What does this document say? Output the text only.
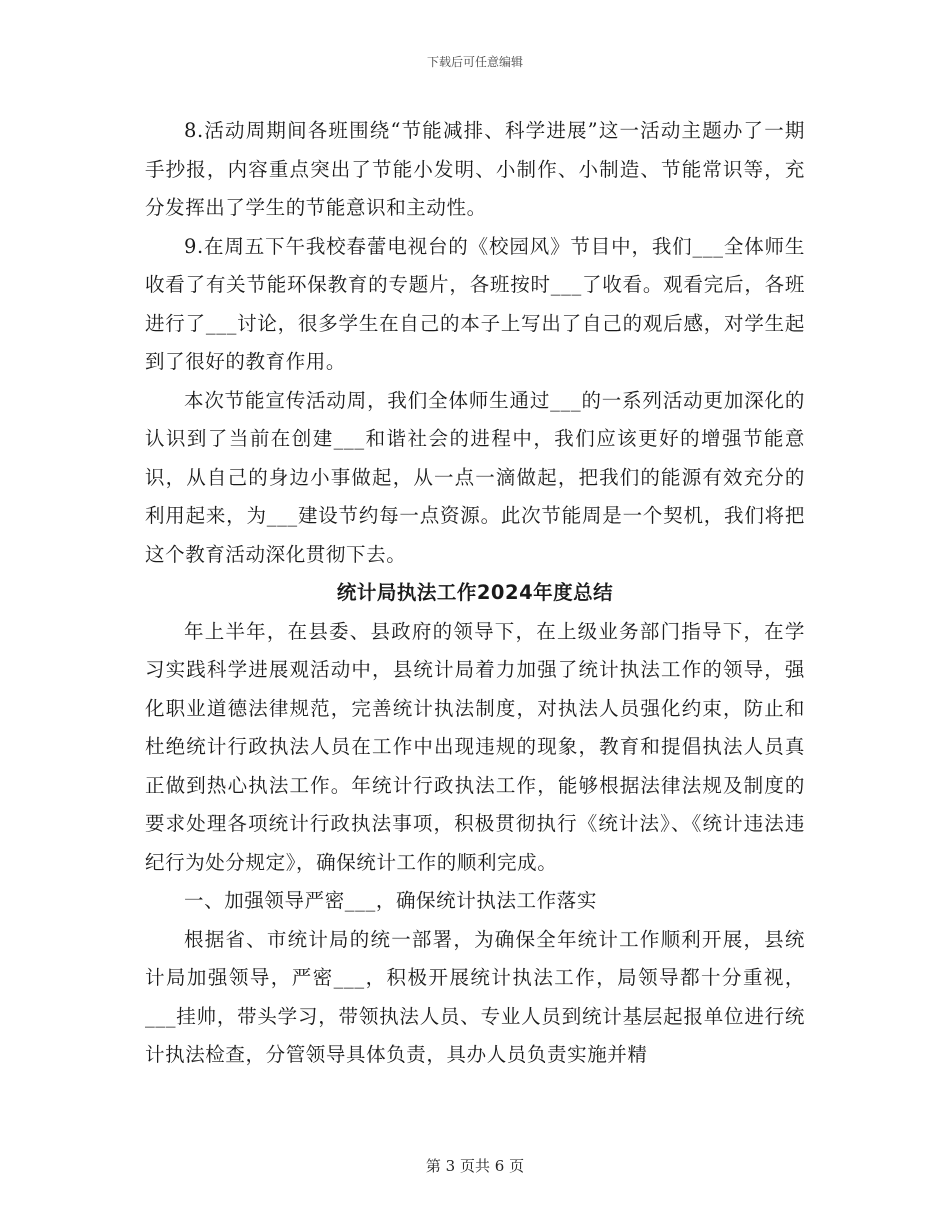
下载后可任意编辑

8.活动周期间各班围绕“节能减排、科学进展”这一活动主题办了一期手抄报，内容重点突出了节能小发明、小制作、小制造、节能常识等，充分发挥出了学生的节能意识和主动性。

9.在周五下午我校春蕾电视台的《校园风》节目中，我们___全体师生收看了有关节能环保教育的专题片，各班按时___了收看。观看完后，各班进行了___讨论，很多学生在自己的本子上写出了自己的观后感，对学生起到了很好的教育作用。

本次节能宣传活动周，我们全体师生通过___的一系列活动更加深化的认识到了当前在创建___和谐社会的进程中，我们应该更好的增强节能意识，从自己的身边小事做起，从一点一滴做起，把我们的能源有效充分的利用起来，为___建设节约每一点资源。此次节能周是一个契机，我们将把这个教育活动深化贯彻下去。

统计局执法工作2024年度总结

年上半年，在县委、县政府的领导下，在上级业务部门指导下，在学习实践科学进展观活动中，县统计局着力加强了统计执法工作的领导，强化职业道德法律规范，完善统计执法制度，对执法人员强化约束，防止和杜绝统计行政执法人员在工作中出现违规的现象，教育和提倡执法人员真正做到热心执法工作。年统计行政执法工作，能够根据法律法规及制度的要求处理各项统计行政执法事项，积极贯彻执行《统计法》、《统计违法违纪行为处分规定》，确保统计工作的顺利完成。

一、加强领导严密___，确保统计执法工作落实

根据省、市统计局的统一部署，为确保全年统计工作顺利开展，县统计局加强领导，严密___，积极开展统计执法工作，局领导都十分重视，___挂帅，带头学习，带领执法人员、专业人员到统计基层起报单位进行统计执法检查，分管领导具体负责，具办人员负责实施并精

第 3 页共 6 页
